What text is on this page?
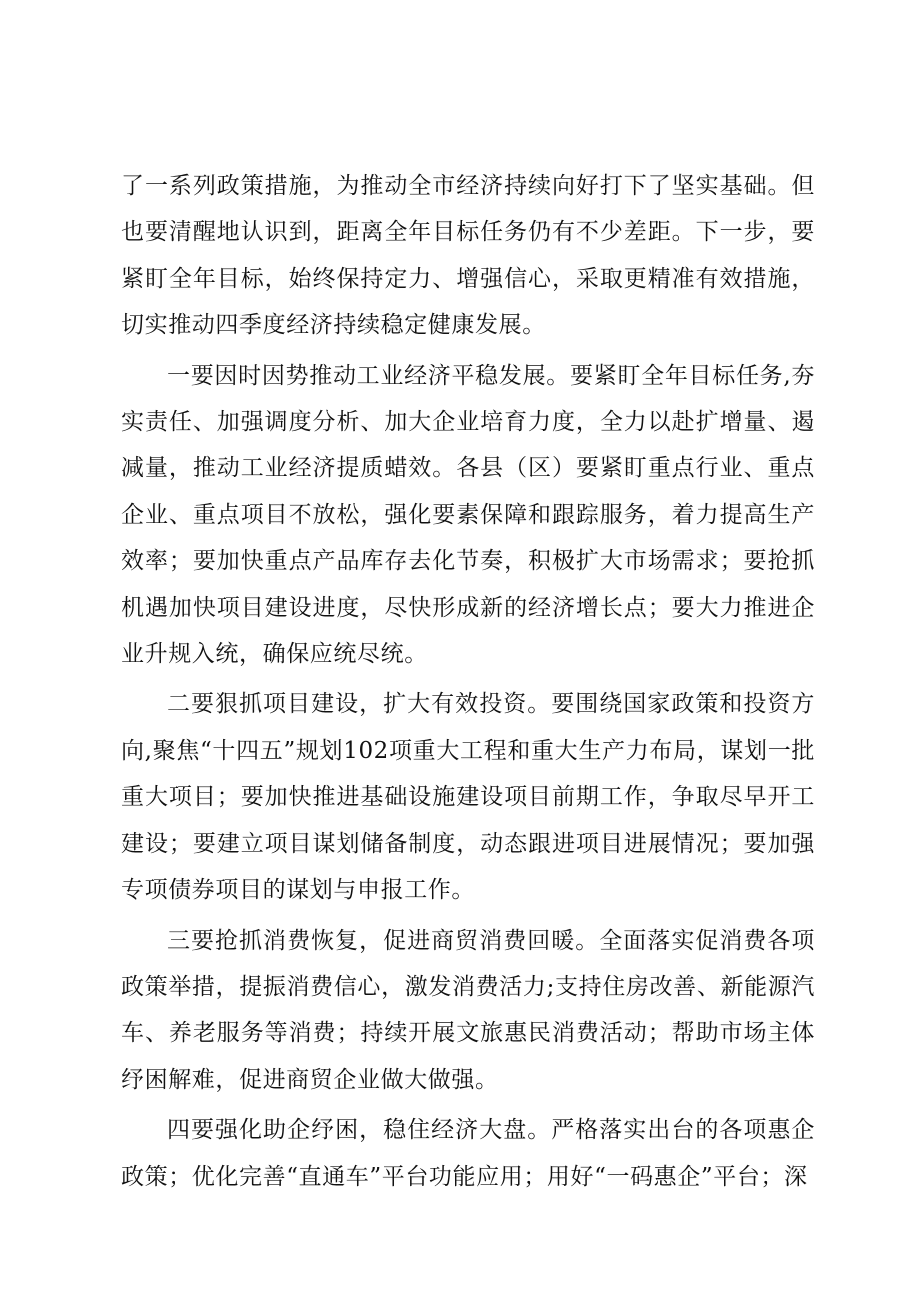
了一系列政策措施，为推动全市经济持续向好打下了坚实基础。但也要清醒地认识到，距离全年目标任务仍有不少差距。下一步，要紧盯全年目标，始终保持定力、增强信心，采取更精准有效措施，切实推动四季度经济持续稳定健康发展。

一要因时因势推动工业经济平稳发展。要紧盯全年目标任务,夯实责任、加强调度分析、加大企业培育力度，全力以赴扩增量、遏减量，推动工业经济提质蜡效。各县（区）要紧盯重点行业、重点企业、重点项目不放松，强化要素保障和跟踪服务，着力提高生产效率；要加快重点产品库存去化节奏，积极扩大市场需求；要抢抓机遇加快项目建设进度，尽快形成新的经济增长点；要大力推进企业升规入统，确保应统尽统。

二要狠抓项目建设，扩大有效投资。要围绕国家政策和投资方向,聚焦“十四五”规划102项重大工程和重大生产力布局，谋划一批重大项目；要加快推进基础设施建设项目前期工作，争取尽早开工建设；要建立项目谋划储备制度，动态跟进项目进展情况；要加强专项债券项目的谋划与申报工作。

三要抢抓消费恢复，促进商贸消费回暖。全面落实促消费各项政策举措，提振消费信心，激发消费活力;支持住房改善、新能源汽车、养老服务等消费；持续开展文旅惠民消费活动；帮助市场主体纾困解难，促进商贸企业做大做强。

四要强化助企纾困，稳住经济大盘。严格落实出台的各项惠企政策；优化完善“直通车”平台功能应用；用好“一码惠企”平台；深
